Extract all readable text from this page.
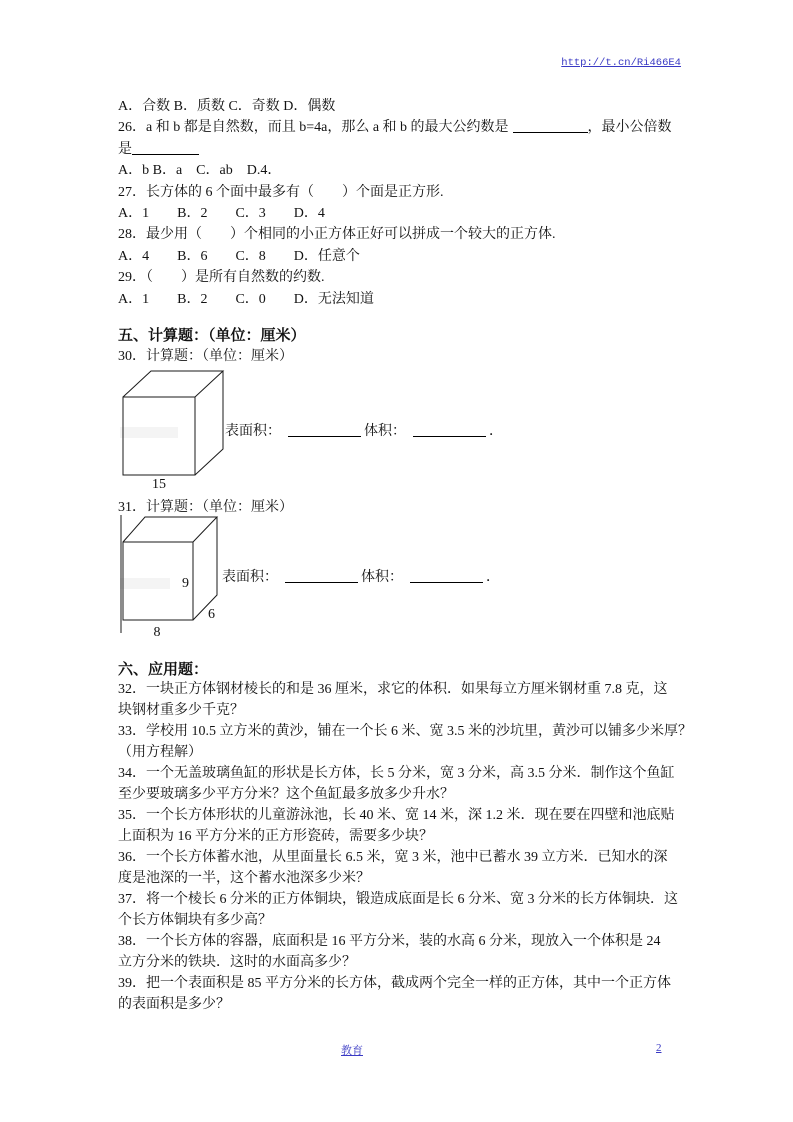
http://t.cn/Ri466E4
A．合数 B．质数 C．奇数 D．偶数
26．a 和 b 都是自然数，而且 b=4a，那么 a 和 b 的最大公约数是	，最小公倍数
是
A．b B．a　C．ab　D.4．
27．长方体的 6 个面中最多有（　　）个面是正方形.
A．1　　B．2　　C．3　　D．4
28．最少用（　　）个相同的小正方体正好可以拼成一个较大的正方体.
A．4　　B．6　　C．8　　D．任意个
29．（　　）是所有自然数的约数.
A．1　　B．2　　C．0　　D．无法知道
五、计算题：（单位：厘米）
30．计算题：（单位：厘米）
15
表面积：	体积：	．
31．计算题：（单位：厘米）
9
6
8
表面积：	体积：	．
六、应用题：
32．一块正方体钢材棱长的和是 36 厘米，求它的体积．如果每立方厘米钢材重 7.8 克，这
块钢材重多少千克？
33．学校用 10.5 立方米的黄沙，铺在一个长 6 米、宽 3.5 米的沙坑里，黄沙可以铺多少米厚？
（用方程解）
34．一个无盖玻璃鱼缸的形状是长方体，长 5 分米，宽 3 分米，高 3.5 分米．制作这个鱼缸
至少要玻璃多少平方分米？这个鱼缸最多放多少升水？
35．一个长方体形状的儿童游泳池，长 40 米、宽 14 米，深 1.2 米．现在要在四壁和池底贴
上面积为 16 平方分米的正方形瓷砖，需要多少块？
36．一个长方体蓄水池，从里面量长 6.5 米，宽 3 米，池中已蓄水 39 立方米．已知水的深
度是池深的一半，这个蓄水池深多少米？
37．将一个棱长 6 分米的正方体铜块，锻造成底面是长 6 分米、宽 3 分米的长方体铜块．这
个长方体铜块有多少高？
38．一个长方体的容器，底面积是 16 平方分米，装的水高 6 分米，现放入一个体积是 24
立方分米的铁块．这时的水面高多少？
39．把一个表面积是 85 平方分米的长方体，截成两个完全一样的正方体，其中一个正方体
的表面积是多少？
教育	2
